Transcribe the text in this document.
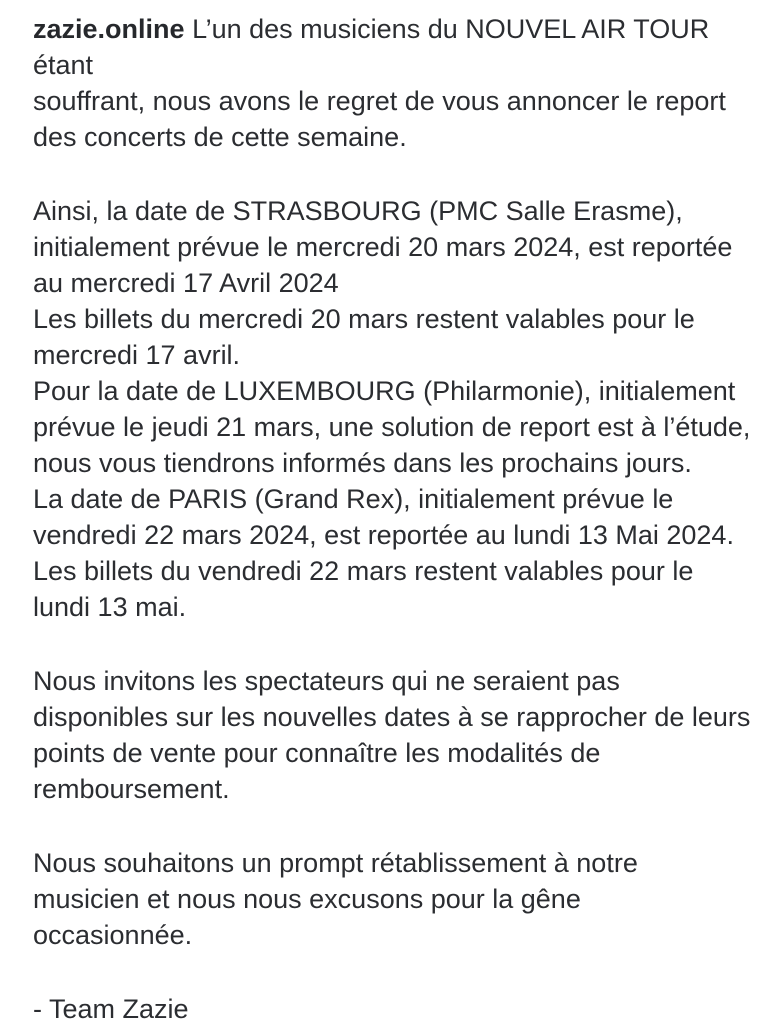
zazie.online L’un des musiciens du NOUVEL AIR TOUR étant
souffrant, nous avons le regret de vous annoncer le report
des concerts de cette semaine.

Ainsi, la date de STRASBOURG (PMC Salle Erasme),
initialement prévue le mercredi 20 mars 2024, est reportée
au mercredi 17 Avril 2024
Les billets du mercredi 20 mars restent valables pour le
mercredi 17 avril.
Pour la date de LUXEMBOURG (Philarmonie), initialement
prévue le jeudi 21 mars, une solution de report est à l’étude,
nous vous tiendrons informés dans les prochains jours.
La date de PARIS (Grand Rex), initialement prévue le
vendredi 22 mars 2024, est reportée au lundi 13 Mai 2024.
Les billets du vendredi 22 mars restent valables pour le
lundi 13 mai.

Nous invitons les spectateurs qui ne seraient pas
disponibles sur les nouvelles dates à se rapprocher de leurs
points de vente pour connaître les modalités de
remboursement.

Nous souhaitons un prompt rétablissement à notre
musicien et nous nous excusons pour la gêne
occasionnée.

- Team Zazie
